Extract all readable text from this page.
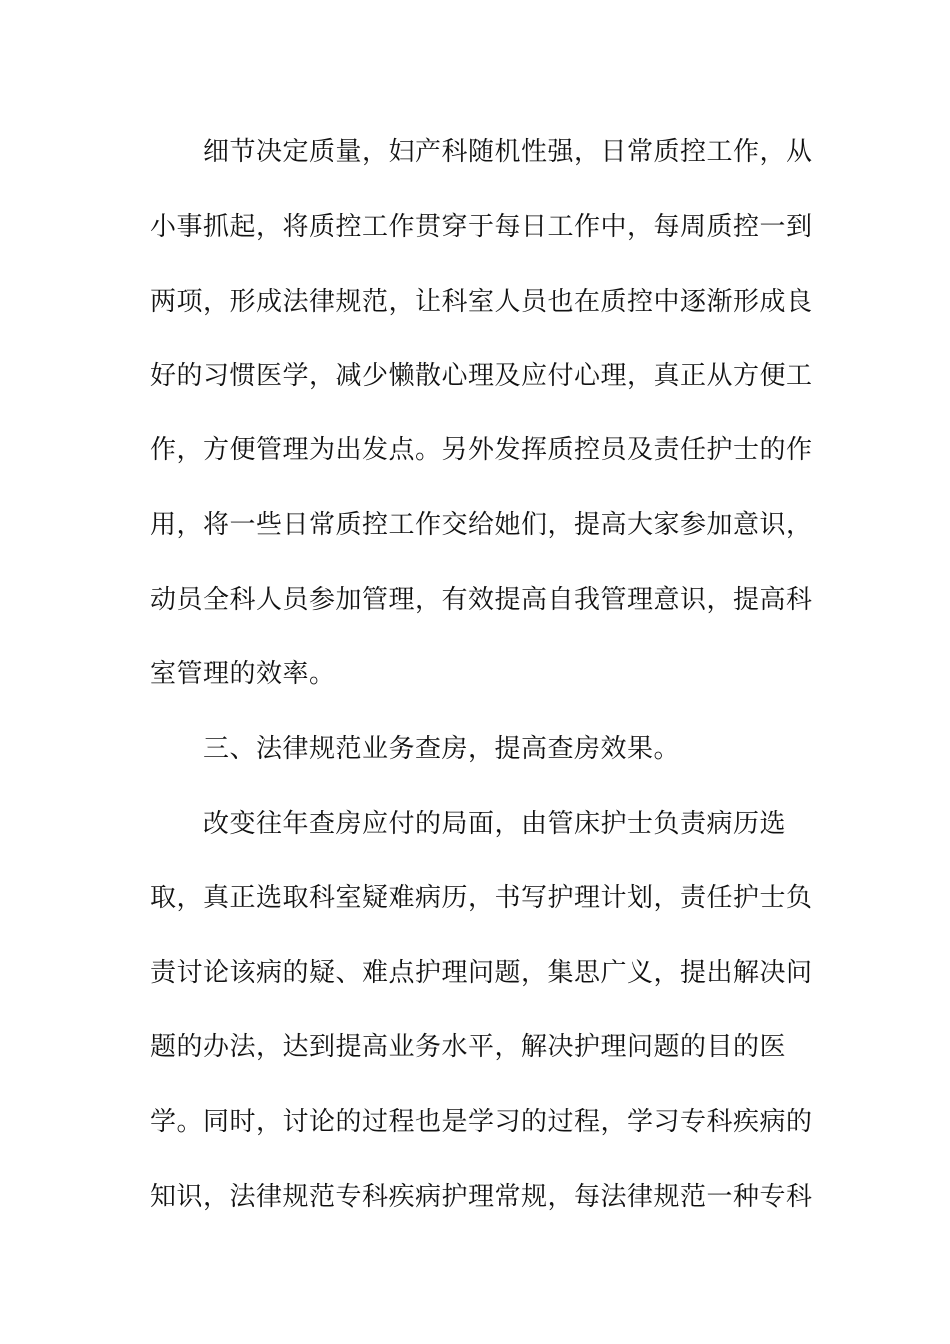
细节决定质量，妇产科随机性强，日常质控工作，从
小事抓起，将质控工作贯穿于每日工作中，每周质控一到
两项，形成法律规范，让科室人员也在质控中逐渐形成良
好的习惯医学，减少懒散心理及应付心理，真正从方便工
作，方便管理为出发点。另外发挥质控员及责任护士的作
用，将一些日常质控工作交给她们，提高大家参加意识，
动员全科人员参加管理，有效提高自我管理意识，提高科
室管理的效率。
三、法律规范业务查房，提高查房效果。
改变往年查房应付的局面，由管床护士负责病历选
取，真正选取科室疑难病历，书写护理计划，责任护士负
责讨论该病的疑、难点护理问题，集思广义，提出解决问
题的办法，达到提高业务水平，解决护理问题的目的医
学。同时，讨论的过程也是学习的过程，学习专科疾病的
知识，法律规范专科疾病护理常规，每法律规范一种专科
